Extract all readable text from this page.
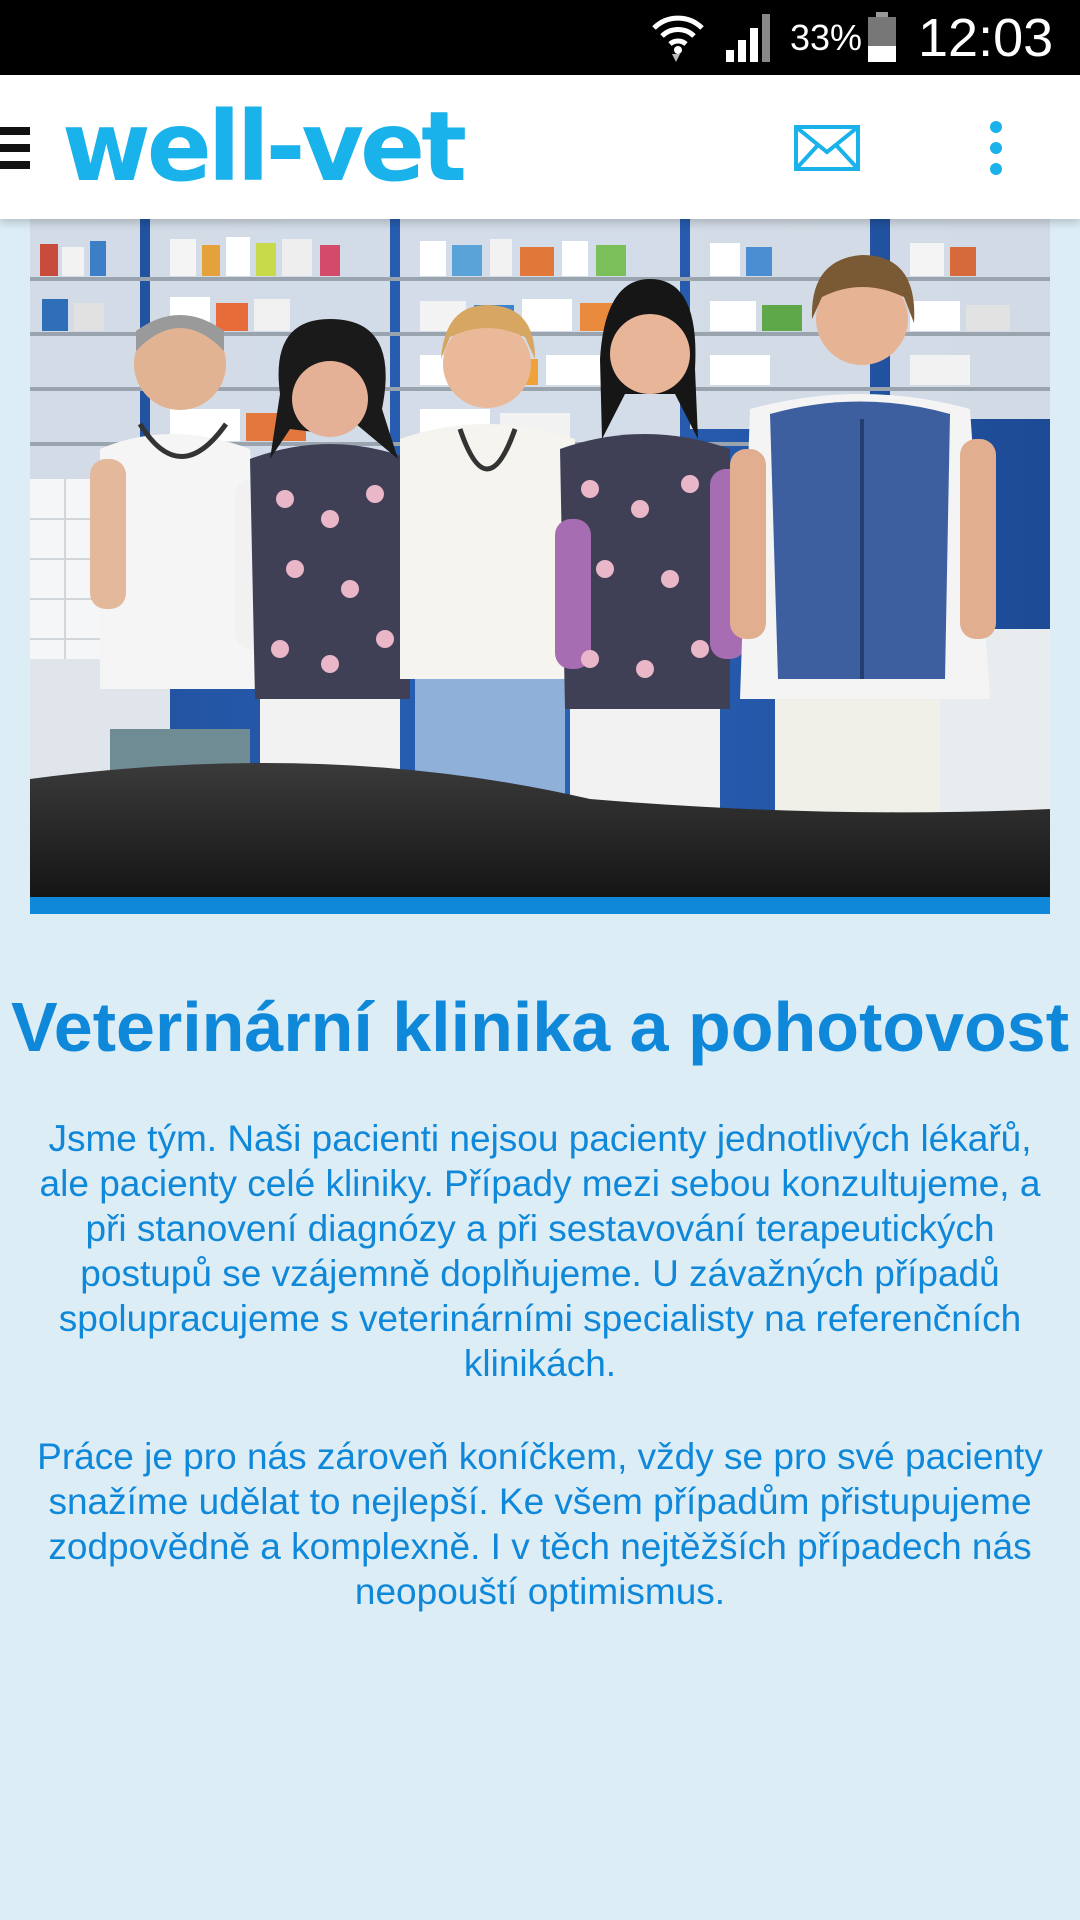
33% 12:03
well-vet
Veterinární klinika a pohotovost

Jsme tým. Naši pacienti nejsou pacienty jednotlivých lékařů, ale pacienty celé kliniky. Případy mezi sebou konzultujeme, a při stanovení diagnózy a při sestavování terapeutických postupů se vzájemně doplňujeme. U závažných případů spolupracujeme s veterinárními specialisty na referenčních klinikách.

Práce je pro nás zároveň koníčkem, vždy se pro své pacienty snažíme udělat to nejlepší. Ke všem případům přistupujeme zodpovědně a komplexně. I v těch nejtěžších případech nás neopouští optimismus.
